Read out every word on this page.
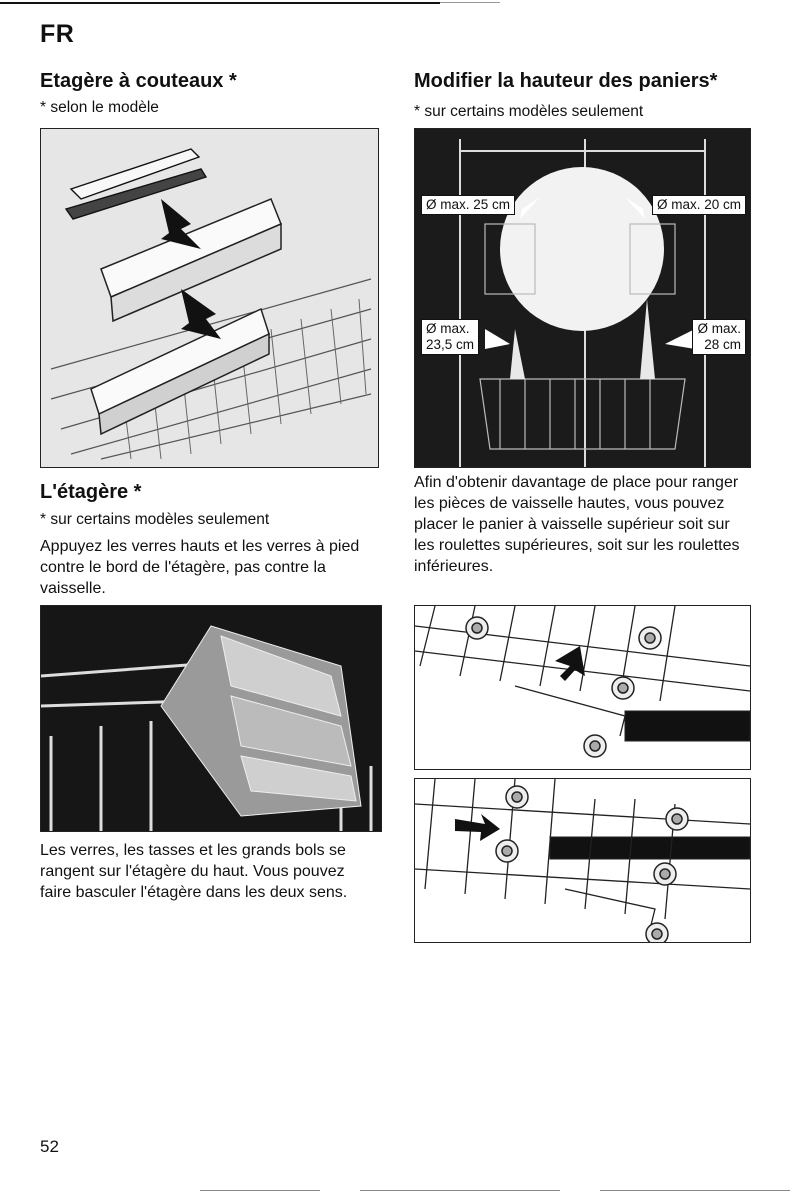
FR
Etagère à couteaux *
* selon le modèle
L'étagère *
* sur certains modèles seulement
Appuyez les verres hauts et les verres à pied contre le bord de l'étagère, pas contre la vaisselle.
Les verres, les tasses et les grands bols se rangent sur l'étagère du haut. Vous pouvez faire basculer l'étagère dans les deux sens.
Modifier la hauteur des paniers*
* sur certains modèles seulement
Ø max. 25 cm	Ø max. 20 cm
Ø max.
23,5 cm
Ø max.
28 cm
Afin d'obtenir davantage de place pour ranger les pièces de vaisselle hautes, vous pouvez placer le panier à vaisselle supérieur soit sur les roulettes supérieures, soit sur les roulettes inférieures.
52
